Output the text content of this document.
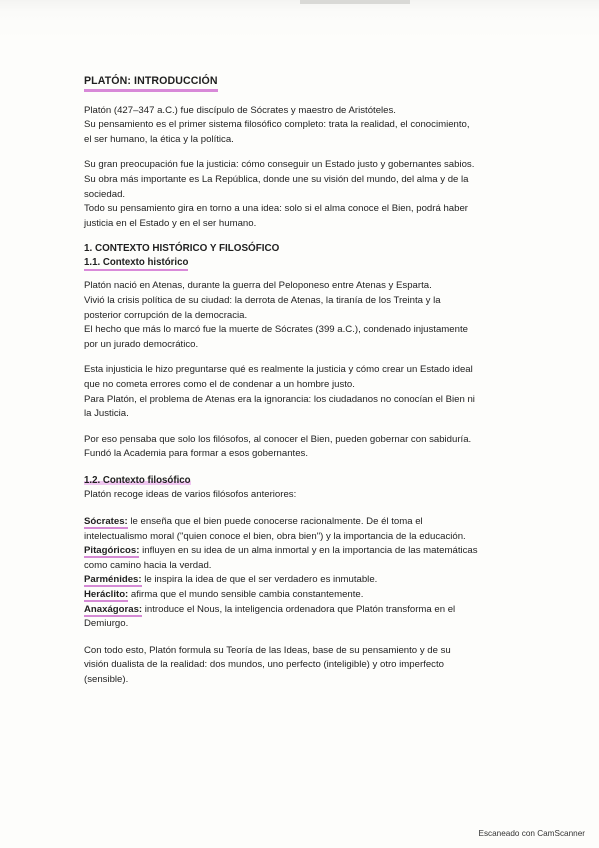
PLATÓN: INTRODUCCIÓN

Platón (427–347 a.C.) fue discípulo de Sócrates y maestro de Aristóteles.
Su pensamiento es el primer sistema filosófico completo: trata la realidad, el conocimiento,
el ser humano, la ética y la política.

Su gran preocupación fue la justicia: cómo conseguir un Estado justo y gobernantes sabios.
Su obra más importante es La República, donde une su visión del mundo, del alma y de la
sociedad.
Todo su pensamiento gira en torno a una idea: solo si el alma conoce el Bien, podrá haber
justicia en el Estado y en el ser humano.

1. CONTEXTO HISTÓRICO Y FILOSÓFICO
1.1. Contexto histórico

Platón nació en Atenas, durante la guerra del Peloponeso entre Atenas y Esparta.
Vivió la crisis política de su ciudad: la derrota de Atenas, la tiranía de los Treinta y la
posterior corrupción de la democracia.
El hecho que más lo marcó fue la muerte de Sócrates (399 a.C.), condenado injustamente
por un jurado democrático.

Esta injusticia le hizo preguntarse qué es realmente la justicia y cómo crear un Estado ideal
que no cometa errores como el de condenar a un hombre justo.
Para Platón, el problema de Atenas era la ignorancia: los ciudadanos no conocían el Bien ni
la Justicia.

Por eso pensaba que solo los filósofos, al conocer el Bien, pueden gobernar con sabiduría.
Fundó la Academia para formar a esos gobernantes.

1.2. Contexto filosófico

Platón recoge ideas de varios filósofos anteriores:

Sócrates: le enseña que el bien puede conocerse racionalmente. De él toma el
intelectualismo moral ("quien conoce el bien, obra bien") y la importancia de la educación.
Pitagóricos: influyen en su idea de un alma inmortal y en la importancia de las matemáticas
como camino hacia la verdad.
Parménides: le inspira la idea de que el ser verdadero es inmutable.
Heráclito: afirma que el mundo sensible cambia constantemente.
Anaxágoras: introduce el Nous, la inteligencia ordenadora que Platón transforma en el
Demiurgo.

Con todo esto, Platón formula su Teoría de las Ideas, base de su pensamiento y de su
visión dualista de la realidad: dos mundos, uno perfecto (inteligible) y otro imperfecto
(sensible).

Escaneado con CamScanner
